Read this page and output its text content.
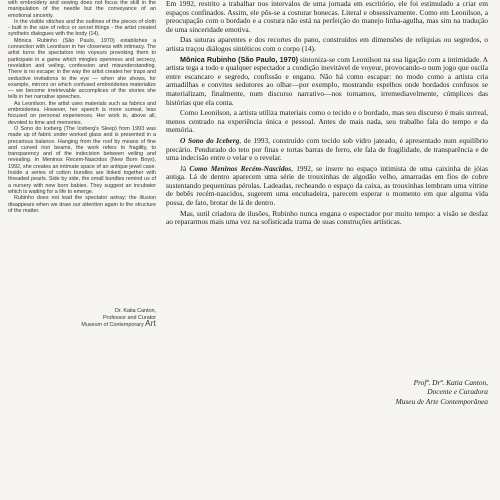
with embroidery and sewing does not focus the skill in the manipulation of the needle but the conveyance of an emotional sincerity.

In the visible stitches and the outlines of the pieces of cloth - built in the size of relics or secret things - the artist created synthetic dialogues with the body (14).

Mônica Rubinho (São Paulo, 1970) establishes a connection with Leonilson in her closeness with intimacy. The artist turns the spectators into voyeurs provoking them to participate in a game which mingles openness and secrecy, revelation and veiling, confession and misunderstanding. There is no escape: in the way the artist creates her traps and seductive invitations to the eye — when she shows, for example, mirrors on which confused embroideries materialize — we become irretrievable accomplices of the stories she tells in her narrative speeches.

As Leonilson, the artist uses materials such as fabrics and embroideries. However, her speech is more surreal, less focused on personal experiences. Her work is, above all, devoted to time and memories.

O Sono do Iceberg (The Iceberg's Sleep) from 1993 was made up of fabric under worked glass and is presented in a precarious balance. Hanging from the roof by means of fine and curved iron beams, the work refers to fragility, to transparency and of the indecision between veiling and revealing. In Meninos Recém-Nascidos (New Born Boys), 1992, she creates an intimate space of an antique jewel case. Inside a series of cotton bundles are linked together with threaded pearls. Side by side, the small bundles remind us of a nursery with new born babies. They suggest an incubator which is waiting for a life to emerge.

Rubinho does not lead the spectator astray; the illusion disappears when we draw our attention again to the structure of the matter.

Dr. Katia Canton,
Professor and Curator
Museum of Contemporary Art

Em 1992, restrito a trabalhar nos intervalos de uma jornada em escritório, ele foi estimulado a criar em espaços confinados. Assim, ele pôs-se a costurar bonecas. Literal e obsessivamente. Como em Leonilson, a preocupação com o bordado e a costura não está na perfeição do manejo linha-agulha, mas sim na tradução de uma sinceridade emotiva.

Das suturas aparentes e dos recortes do pano, construídos em dimensões de relíquias ou segredos, o artista traçou diálogos sintéticos com o corpo (14).

Mônica Rubinho (São Paulo, 1970) sintoniza-se com Leonilson na sua ligação com a intimidade. A artista tega a todo e qualquer espectador a condição inevitável de voyeur, provocando-o num jogo que oscila entre escancaro e segredo, confissão e engano. Não há como escapar: no modo como a artista cria armadilhas e convites sedutores ao olhar—por exemplo, mostrando espelhos onde bordados confusos se materializam, finalmente, num discurso narrativo—nos tornamos, irremediavelmente, cúmplices das histórias que ela conta.

Como Leonilson, a artista utiliza materiais como o tecido e o bordado, mas seu discurso é mais surreal, menos centrado na experiência única e pessoal. Antes de mais nada, seu trabalho fala do tempo e da memória.

O Sono do Iceberg, de 1993, construído com tecido sob vidro jateado, é apresentado num equilíbrio precário. Pendurado do teto por finas e tortas barras de ferro, ele fala de fragilidade, de transparência e de uma indecisão entre o velar e o revelar.

Já Como Meninos Recém-Nascidos, 1992, se insere no espaço intimista de uma caixinha de jóias antiga. Lá de dentro aparecem uma série de trouxinhas de algodão velho, amarradas em fios de cobre sustentando pequeninas pérolas. Ladeadas, recheando o espaço da caixa, as trouxinhas lembram uma vitrine de bebês recém-nascidos, sugerem uma encubadeira, parecem esperar o momento em que alguma vida possa, de fato, brotar de lá de dentro.

Mas, sutil criadora de ilusões, Rubinho nunca engana o espectador por muito tempo: a visão se desfaz ao repararmos mais uma vez na sofisticada trama de suas construções artísticas.

Profª. Drª. Katia Canton,
Docente e Curadora
Museu de Arte Contemporânea
